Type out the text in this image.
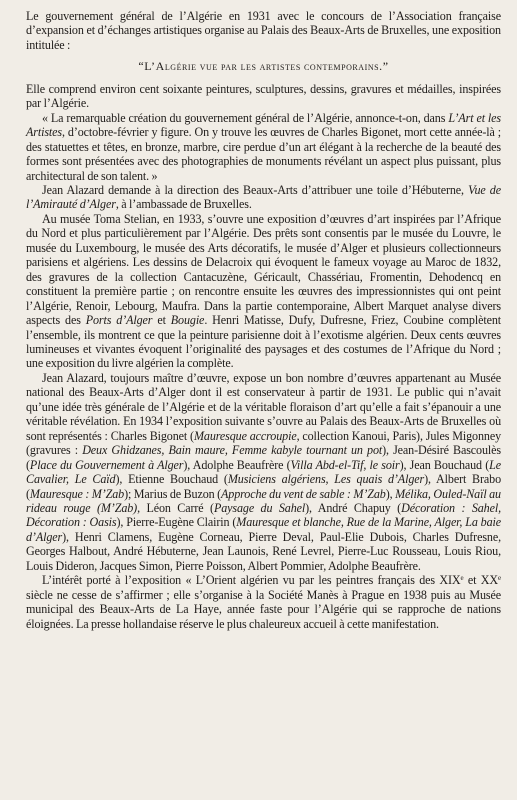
Le gouvernement général de l’Algérie en 1931 avec le concours de l’Association française d’expansion et d’échanges artistiques organise au Palais des Beaux-Arts de Bruxelles, une exposition intitulée :

“L’Algérie vue par les artistes contemporains.”

Elle comprend environ cent soixante peintures, sculptures, dessins, gravures et médailles, inspirées par l’Algérie.

« La remarquable création du gouvernement général de l’Algérie, annonce-t-on, dans L’Art et les Artistes, d’octobre-février y figure. On y trouve les œuvres de Charles Bigonet, mort cette année-là ; des statuettes et têtes, en bronze, marbre, cire perdue d’un art élégant à la recherche de la beauté des formes sont présentées avec des photographies de monuments révélant un aspect plus puissant, plus architectural de son talent. »

Jean Alazard demande à la direction des Beaux-Arts d’attribuer une toile d’Hébuterne, Vue de l’Amirauté d’Alger, à l’ambassade de Bruxelles.

Au musée Toma Stelian, en 1933, s’ouvre une exposition d’œuvres d’art inspirées par l’Afrique du Nord et plus particulièrement par l’Algérie. Des prêts sont consentis par le musée du Louvre, le musée du Luxembourg, le musée des Arts décoratifs, le musée d’Alger et plusieurs collectionneurs parisiens et algériens. Les dessins de Delacroix qui évoquent le fameux voyage au Maroc de 1832, des gravures de la collection Cantacuzène, Géricault, Chassériau, Fromentin, Dehodencq en constituent la première partie ; on rencontre ensuite les œuvres des impressionnistes qui ont peint l’Algérie, Renoir, Lebourg, Maufra. Dans la partie contemporaine, Albert Marquet analyse divers aspects des Ports d’Alger et Bougie. Henri Matisse, Dufy, Dufresne, Friez, Coubine complètent l’ensemble, ils montrent ce que la peinture parisienne doit à l’exotisme algérien. Deux cents œuvres lumineuses et vivantes évoquent l’originalité des paysages et des costumes de l’Afrique du Nord ; une exposition du livre algérien la complète.

Jean Alazard, toujours maître d’œuvre, expose un bon nombre d’œuvres appartenant au Musée national des Beaux-Arts d’Alger dont il est conservateur à partir de 1931. Le public qui n’avait qu’une idée très générale de l’Algérie et de la véritable floraison d’art qu’elle a fait s’épanouir a une véritable révélation. En 1934 l’exposition suivante s’ouvre au Palais des Beaux-Arts de Bruxelles où sont représentés : Charles Bigonet (Mauresque accroupie, collection Kanoui, Paris), Jules Migonney (gravures : Deux Ghidzanes, Bain maure, Femme kabyle tournant un pot), Jean-Désiré Bascoulès (Place du Gouvernement à Alger), Adolphe Beaufrère (Villa Abd-el-Tif, le soir), Jean Bouchaud (Le Cavalier, Le Caïd), Etienne Bouchaud (Musiciens algériens, Les quais d’Alger), Albert Brabo (Mauresque : M’Zab); Marius de Buzon (Approche du vent de sable : M’Zab), Mélika, Ouled-Naïl au rideau rouge (M’Zab), Léon Carré (Paysage du Sahel), André Chapuy (Décoration : Sahel, Décoration : Oasis), Pierre-Eugène Clairin (Mauresque et blanche, Rue de la Marine, Alger, La baie d’Alger), Henri Clamens, Eugène Corneau, Pierre Deval, Paul-Elie Dubois, Charles Dufresne, Georges Halbout, André Hébuterne, Jean Launois, René Levrel, Pierre-Luc Rousseau, Louis Riou, Louis Dideron, Jacques Simon, Pierre Poisson, Albert Pommier, Adolphe Beaufrère.

L’intérêt porté à l’exposition « L’Orient algérien vu par les peintres français des XIXe et XXe siècle ne cesse de s’affirmer ; elle s’organise à la Société Manès à Prague en 1938 puis au Musée municipal des Beaux-Arts de La Haye, année faste pour l’Algérie qui se rapproche de nations éloignées. La presse hollandaise réserve le plus chaleureux accueil à cette manifestation.
